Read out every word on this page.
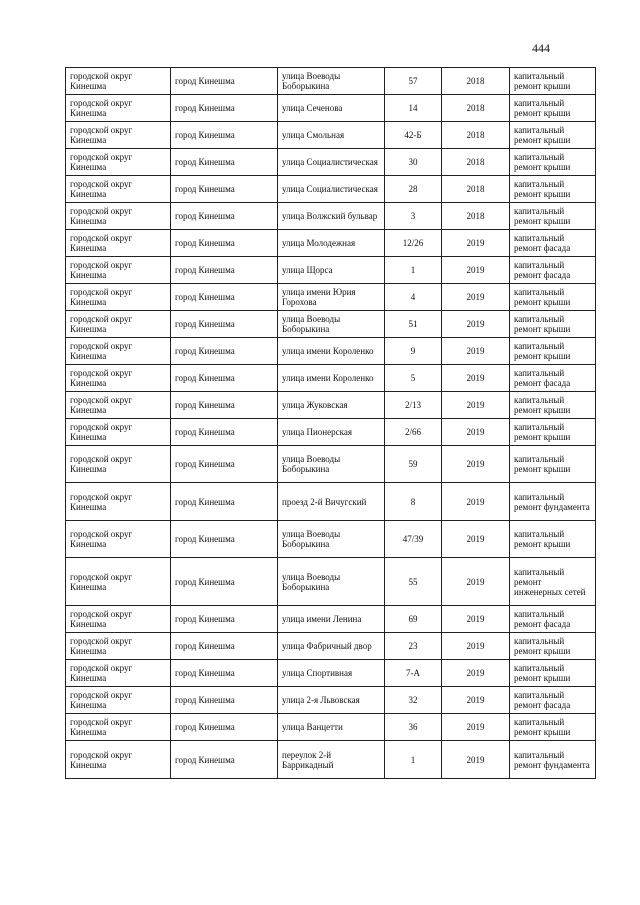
444
городской округ Кинешма	город Кинешма	улица Воеводы Боборыкина	57	2018	капитальный ремонт крыши
городской округ Кинешма	город Кинешма	улица Сеченова	14	2018	капитальный ремонт крыши
городской округ Кинешма	город Кинешма	улица Смольная	42-Б	2018	капитальный ремонт крыши
городской округ Кинешма	город Кинешма	улица Социалистическая	30	2018	капитальный ремонт крыши
городской округ Кинешма	город Кинешма	улица Социалистическая	28	2018	капитальный ремонт крыши
городской округ Кинешма	город Кинешма	улица Волжский бульвар	3	2018	капитальный ремонт крыши
городской округ Кинешма	город Кинешма	улица Молодежная	12/26	2019	капитальный ремонт фасада
городской округ Кинешма	город Кинешма	улица Щорса	1	2019	капитальный ремонт фасада
городской округ Кинешма	город Кинешма	улица имени Юрия Горохова	4	2019	капитальный ремонт крыши
городской округ Кинешма	город Кинешма	улица Воеводы Боборыкина	51	2019	капитальный ремонт крыши
городской округ Кинешма	город Кинешма	улица имени Короленко	9	2019	капитальный ремонт крыши
городской округ Кинешма	город Кинешма	улица имени Короленко	5	2019	капитальный ремонт фасада
городской округ Кинешма	город Кинешма	улица Жуковская	2/13	2019	капитальный ремонт крыши
городской округ Кинешма	город Кинешма	улица Пионерская	2/66	2019	капитальный ремонт крыши
городской округ Кинешма	город Кинешма	улица Воеводы Боборыкина	59	2019	капитальный ремонт крыши
городской округ Кинешма	город Кинешма	проезд 2-й Вичугский	8	2019	капитальный ремонт фундамента
городской округ Кинешма	город Кинешма	улица Воеводы Боборыкина	47/39	2019	капитальный ремонт крыши
городской округ Кинешма	город Кинешма	улица Воеводы Боборыкина	55	2019	капитальный ремонт инженерных сетей
городской округ Кинешма	город Кинешма	улица имени Ленина	69	2019	капитальный ремонт фасада
городской округ Кинешма	город Кинешма	улица Фабричный двор	23	2019	капитальный ремонт крыши
городской округ Кинешма	город Кинешма	улица Спортивная	7-А	2019	капитальный ремонт крыши
городской округ Кинешма	город Кинешма	улица 2-я Львовская	32	2019	капитальный ремонт фасада
городской округ Кинешма	город Кинешма	улица Ванцетти	36	2019	капитальный ремонт крыши
городской округ Кинешма	город Кинешма	переулок 2-й Баррикадный	1	2019	капитальный ремонт фундамента
